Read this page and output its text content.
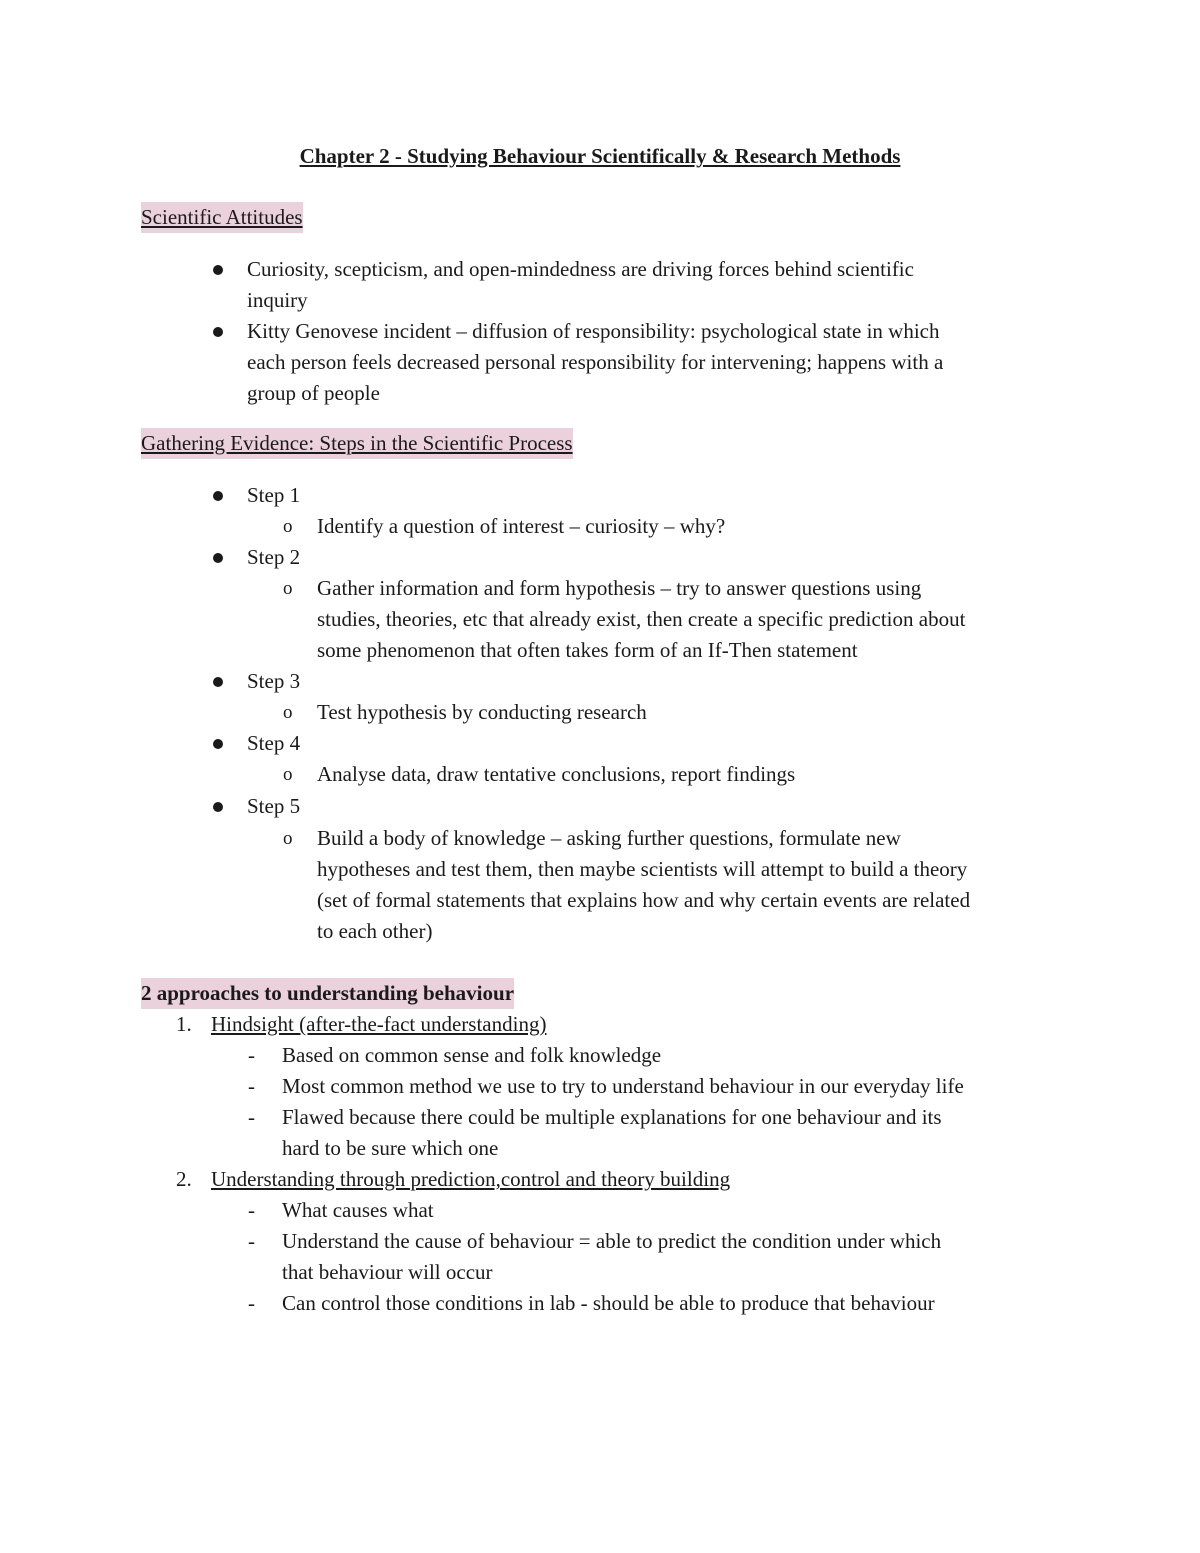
Chapter 2 - Studying Behaviour Scientifically & Research Methods
Scientific Attitudes
Curiosity, scepticism, and open-mindedness are driving forces behind scientific
inquiry
Kitty Genovese incident – diffusion of responsibility: psychological state in which
each person feels decreased personal responsibility for intervening; happens with a
group of people
Gathering Evidence: Steps in the Scientific Process
Step 1
o Identify a question of interest – curiosity – why?
Step 2
o Gather information and form hypothesis – try to answer questions using
studies, theories, etc that already exist, then create a specific prediction about
some phenomenon that often takes form of an If-Then statement
Step 3
o Test hypothesis by conducting research
Step 4
o Analyse data, draw tentative conclusions, report findings
Step 5
o Build a body of knowledge – asking further questions, formulate new
hypotheses and test them, then maybe scientists will attempt to build a theory
(set of formal statements that explains how and why certain events are related
to each other)
2 approaches to understanding behaviour
1. Hindsight (after-the-fact understanding)
- Based on common sense and folk knowledge
- Most common method we use to try to understand behaviour in our everyday life
- Flawed because there could be multiple explanations for one behaviour and its
hard to be sure which one
2. Understanding through prediction,control and theory building
- What causes what
- Understand the cause of behaviour = able to predict the condition under which
that behaviour will occur
- Can control those conditions in lab - should be able to produce that behaviour
